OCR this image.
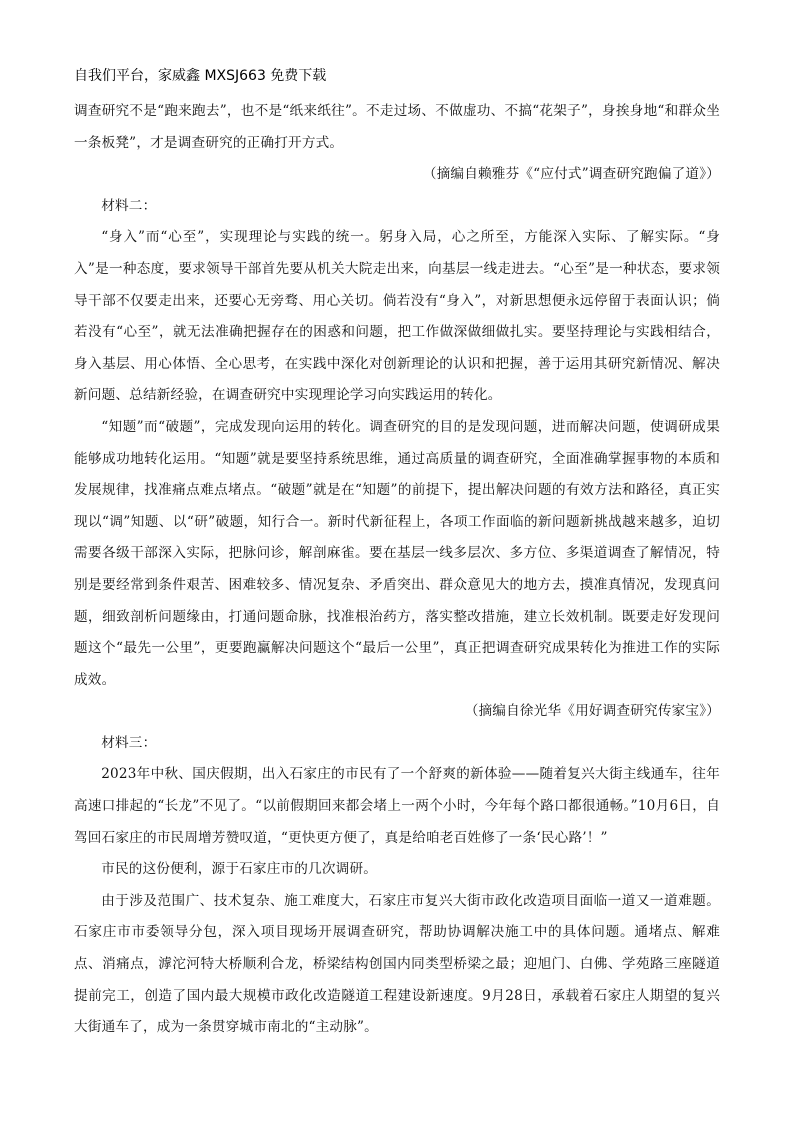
自我们平台，家威鑫 MXSJ663 免费下载

调查研究不是“跑来跑去”，也不是“纸来纸往”。不走过场、不做虚功、不搞“花架子”，身挨身地“和群众坐一条板凳”，才是调查研究的正确打开方式。

（摘编自赖雅芬《“应付式”调查研究跑偏了道》）

材料二：

“身入”而“心至”，实现理论与实践的统一。躬身入局，心之所至，方能深入实际、了解实际。“身入”是一种态度，要求领导干部首先要从机关大院走出来，向基层一线走进去。“心至”是一种状态，要求领导干部不仅要走出来，还要心无旁骛、用心关切。倘若没有“身入”，对新思想便永远停留于表面认识；倘若没有“心至”，就无法准确把握存在的困惑和问题，把工作做深做细做扎实。要坚持理论与实践相结合，身入基层、用心体悟、全心思考，在实践中深化对创新理论的认识和把握，善于运用其研究新情况、解决新问题、总结新经验，在调查研究中实现理论学习向实践运用的转化。

“知题”而“破题”，完成发现向运用的转化。调查研究的目的是发现问题，进而解决问题，使调研成果能够成功地转化运用。“知题”就是要坚持系统思维，通过高质量的调查研究，全面准确掌握事物的本质和发展规律，找准痛点难点堵点。“破题”就是在“知题”的前提下，提出解决问题的有效方法和路径，真正实现以“调”知题、以“研”破题，知行合一。新时代新征程上，各项工作面临的新问题新挑战越来越多，迫切需要各级干部深入实际，把脉问诊，解剖麻雀。要在基层一线多层次、多方位、多渠道调查了解情况，特别是要经常到条件艰苦、困难较多、情况复杂、矛盾突出、群众意见大的地方去，摸准真情况，发现真问题，细致剖析问题缘由，打通问题命脉，找准根治药方，落实整改措施，建立长效机制。既要走好发现问题这个“最先一公里”，更要跑赢解决问题这个“最后一公里”，真正把调查研究成果转化为推进工作的实际成效。

（摘编自徐光华《用好调查研究传家宝》）

材料三：

2023年中秋、国庆假期，出入石家庄的市民有了一个舒爽的新体验——随着复兴大街主线通车，往年高速口排起的“长龙”不见了。“以前假期回来都会堵上一两个小时，今年每个路口都很通畅。”10月6日，自驾回石家庄的市民周增芳赞叹道，“更快更方便了，真是给咱老百姓修了一条‘民心路’！”

市民的这份便利，源于石家庄市的几次调研。

由于涉及范围广、技术复杂、施工难度大，石家庄市复兴大街市政化改造项目面临一道又一道难题。石家庄市市委领导分包，深入项目现场开展调查研究，帮助协调解决施工中的具体问题。通堵点、解难点、消痛点，滹沱河特大桥顺利合龙，桥梁结构创国内同类型桥梁之最；迎旭门、白佛、学苑路三座隧道提前完工，创造了国内最大规模市政化改造隧道工程建设新速度。9月28日，承载着石家庄人期望的复兴大街通车了，成为一条贯穿城市南北的“主动脉”。
